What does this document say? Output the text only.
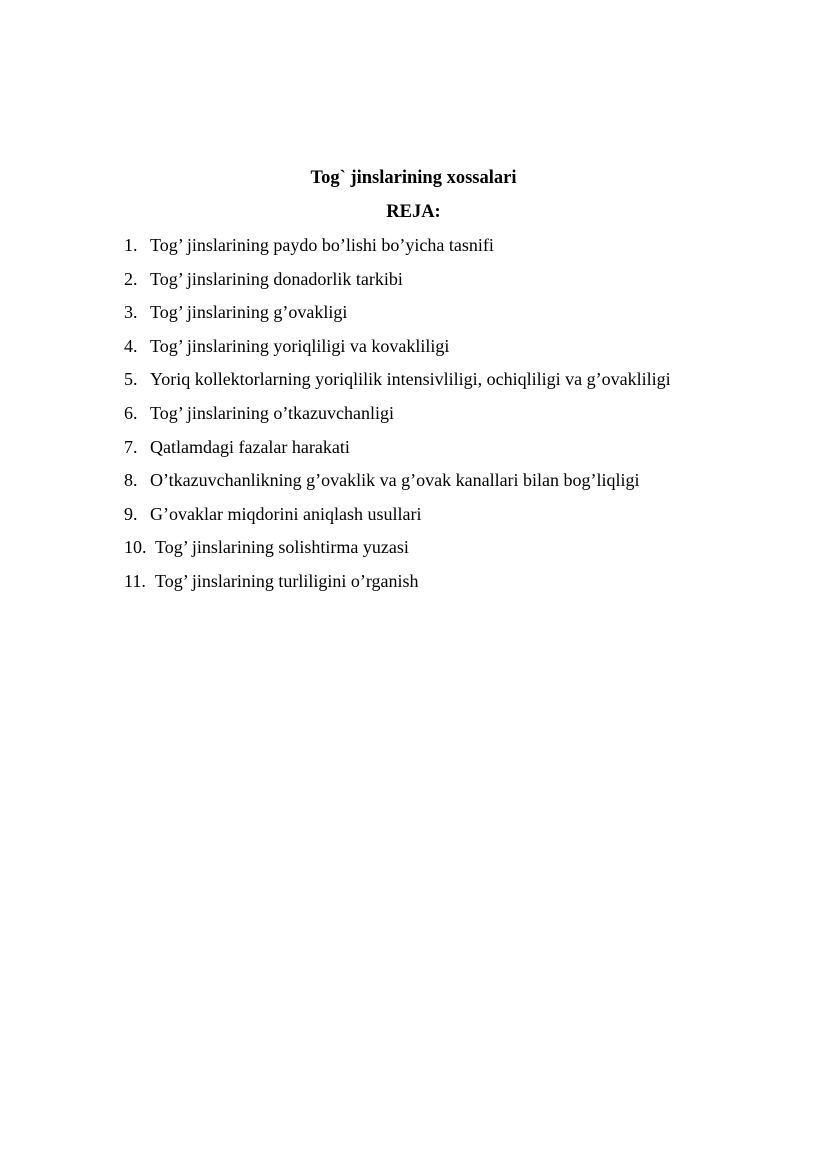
Tog` jinslarining xossalari
REJA:
1. Tog’ jinslarining paydo bo’lishi bo’yicha tasnifi
2. Tog’ jinslarining donadorlik tarkibi
3. Tog’ jinslarining g’ovakligi
4. Tog’ jinslarining yoriqliligi va kovakliligi
5. Yoriq kollektorlarning yoriqlilik intensivliligi, ochiqliligi va g’ovakliligi
6. Tog’ jinslarining o’tkazuvchanligi
7. Qatlamdagi fazalar harakati
8. O’tkazuvchanlikning g’ovaklik va g’ovak kanallari bilan bog’liqligi
9. G’ovaklar miqdorini aniqlash usullari
10. Tog’ jinslarining solishtirma yuzasi
11. Tog’ jinslarining turliligini o’rganish
